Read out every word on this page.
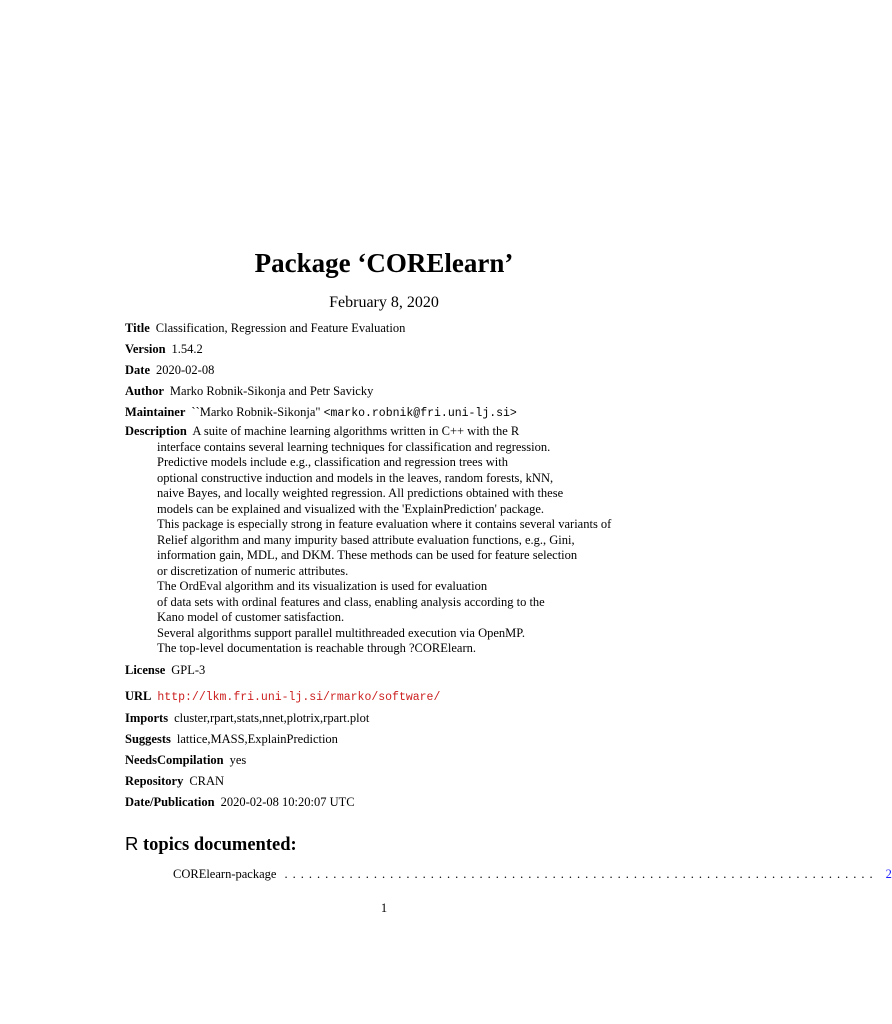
Package ‘CORElearn’
February 8, 2020
Title Classification, Regression and Feature Evaluation
Version 1.54.2
Date 2020-02-08
Author Marko Robnik-Sikonja and Petr Savicky
Maintainer ``Marko Robnik-Sikonja" <marko.robnik@fri.uni-lj.si>
Description A suite of machine learning algorithms written in C++ with the R
interface contains several learning techniques for classification and regression.
Predictive models include e.g., classification and regression trees with
optional constructive induction and models in the leaves, random forests, kNN,
naive Bayes, and locally weighted regression. All predictions obtained with these
models can be explained and visualized with the 'ExplainPrediction' package.
This package is especially strong in feature evaluation where it contains several variants of
Relief algorithm and many impurity based attribute evaluation functions, e.g., Gini,
information gain, MDL, and DKM. These methods can be used for feature selection
or discretization of numeric attributes.
The OrdEval algorithm and its visualization is used for evaluation
of data sets with ordinal features and class, enabling analysis according to the
Kano model of customer satisfaction.
Several algorithms support parallel multithreaded execution via OpenMP.
The top-level documentation is reachable through ?CORElearn.
License GPL-3
URL http://lkm.fri.uni-lj.si/rmarko/software/
Imports cluster,rpart,stats,nnet,plotrix,rpart.plot
Suggests lattice,MASS,ExplainPrediction
NeedsCompilation yes
Repository CRAN
Date/Publication 2020-02-08 10:20:07 UTC
R topics documented:
CORElearn-package ......................................................................... 2
1
